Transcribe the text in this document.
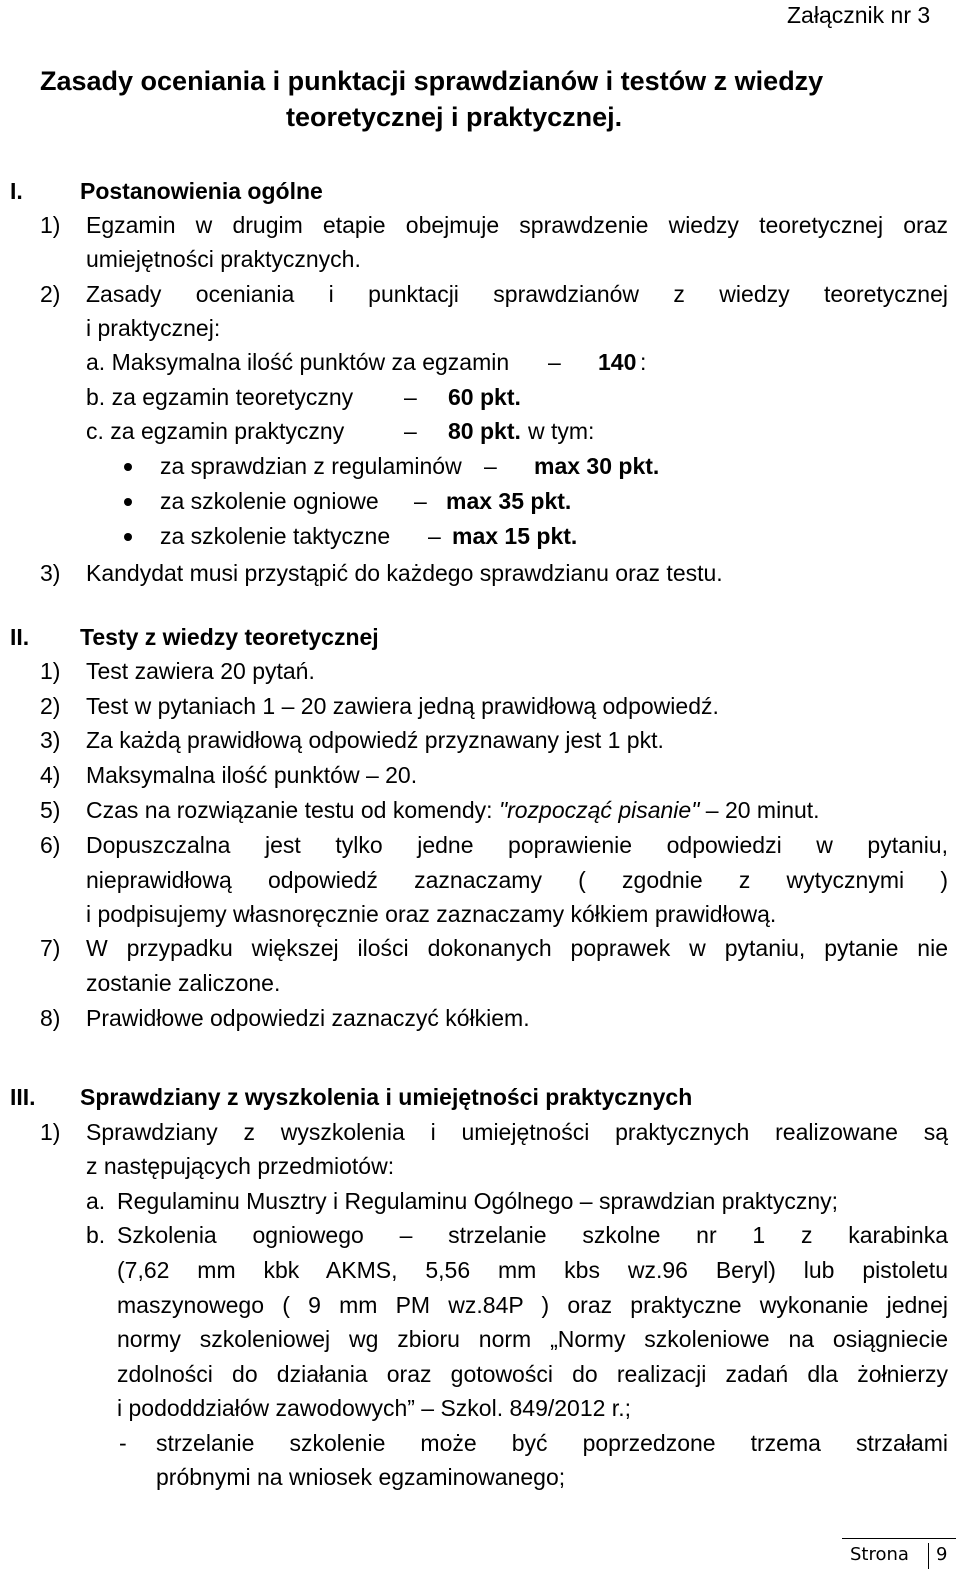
Załącznik nr 3
Zasady oceniania i punktacji sprawdzianów i testów z wiedzy
teoretycznej i praktycznej.
I. Postanowienia ogólne
1) Egzamin w drugim etapie obejmuje sprawdzenie wiedzy teoretycznej oraz
umiejętności praktycznych.
2) Zasady oceniania i punktacji sprawdzianów z wiedzy teoretycznej
i praktycznej:
a. Maksymalna ilość punktów za egzamin – 140 :
b. za egzamin teoretyczny – 60 pkt.
c. za egzamin praktyczny	– 80 pkt. w tym:
za sprawdzian z regulaminów – max 30 pkt.
za szkolenie ogniowe – max 35 pkt.
za szkolenie taktyczne – max 15 pkt.
3) Kandydat musi przystąpić do każdego sprawdzianu oraz testu.
II. Testy z wiedzy teoretycznej
1) Test zawiera 20 pytań.
2) Test w pytaniach 1 – 20 zawiera jedną prawidłową odpowiedź.
3) Za każdą prawidłową odpowiedź przyznawany jest 1 pkt.
4) Maksymalna ilość punktów – 20.
5) Czas na rozwiązanie testu od komendy: "rozpocząć pisanie" – 20 minut.
6) Dopuszczalna jest tylko jedne poprawienie odpowiedzi w pytaniu,
nieprawidłową odpowiedź zaznaczamy ( zgodnie z wytycznymi )
i podpisujemy własnoręcznie oraz zaznaczamy kółkiem prawidłową.
7) W przypadku większej ilości dokonanych poprawek w pytaniu, pytanie nie
zostanie zaliczone.
8) Prawidłowe odpowiedzi zaznaczyć kółkiem.
III. Sprawdziany z wyszkolenia i umiejętności praktycznych
1) Sprawdziany z wyszkolenia i umiejętności praktycznych realizowane są
z następujących przedmiotów:
a. Regulaminu Musztry i Regulaminu Ogólnego – sprawdzian praktyczny;
b. Szkolenia ogniowego – strzelanie szkolne nr 1 z karabinka
(7,62 mm kbk AKMS, 5,56 mm kbs wz.96 Beryl) lub pistoletu
maszynowego ( 9 mm PM wz.84P ) oraz praktyczne wykonanie jednej
normy szkoleniowej wg zbioru norm „Normy szkoleniowe na osiągniecie
zdolności do działania oraz gotowości do realizacji zadań dla żołnierzy
i pododdziałów zawodowych” – Szkol. 849/2012 r.;
- strzelanie szkolenie może być poprzedzone trzema strzałami
próbnymi na wniosek egzaminowanego;
Strona 9
